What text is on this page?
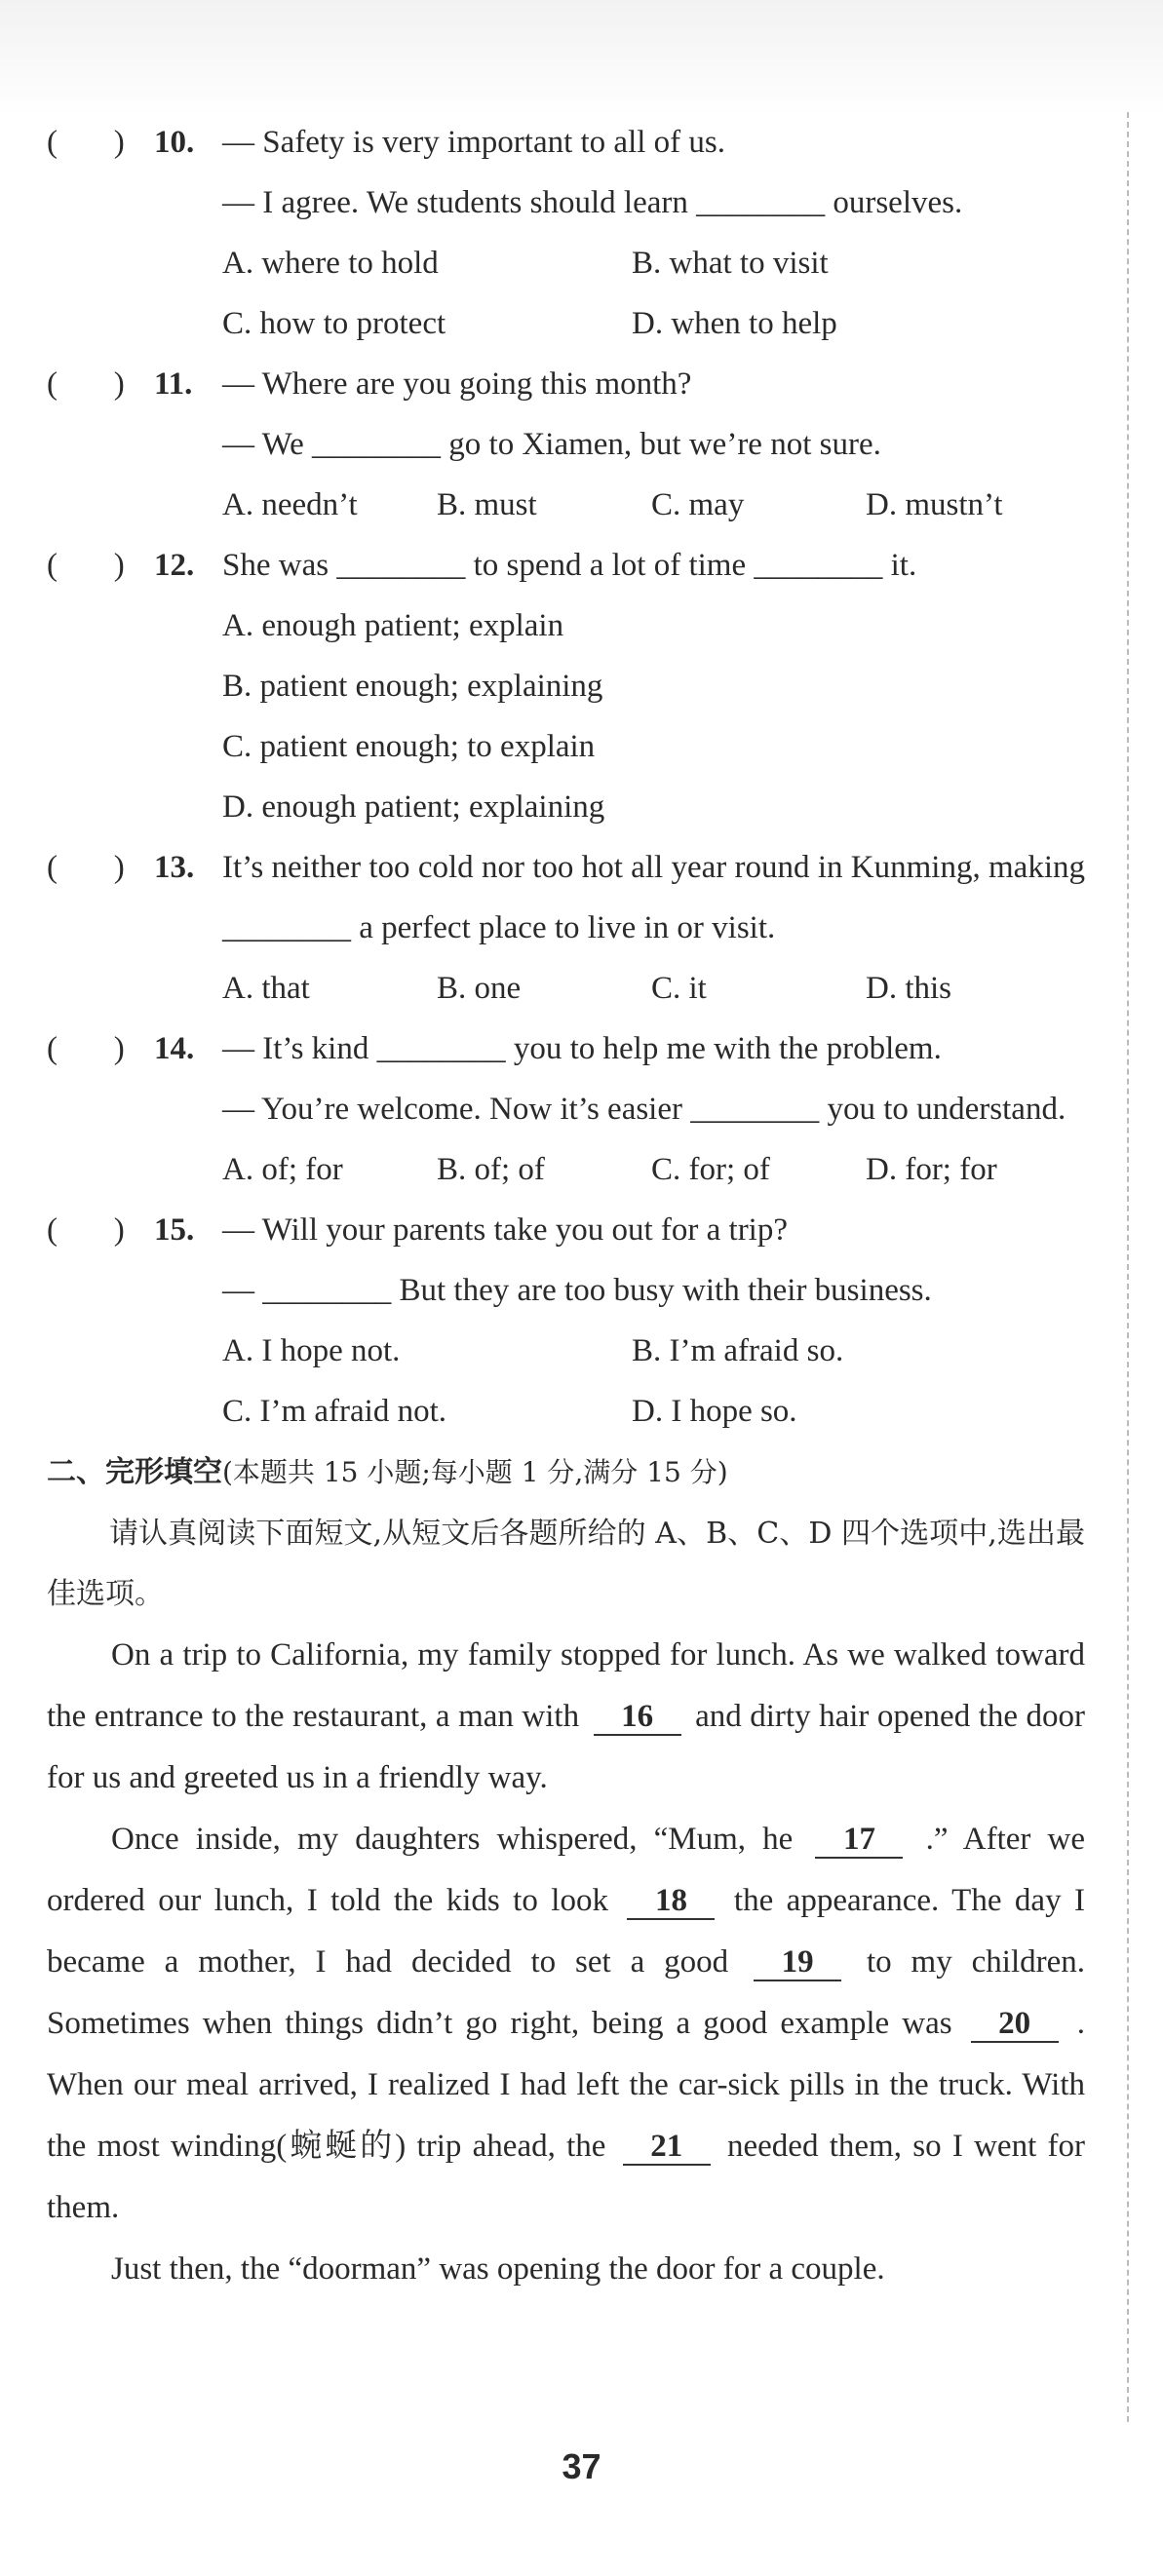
(       ) 10. — Safety is very important to all of us.
— I agree. We students should learn ________ ourselves.
A. where to hold	B. what to visit
C. how to protect	D. when to help
(       ) 11. — Where are you going this month?
— We ________ go to Xiamen, but we’re not sure.
A. needn’t	B. must	C. may	D. mustn’t
(       ) 12. She was ________ to spend a lot of time ________ it.
A. enough patient; explain
B. patient enough; explaining
C. patient enough; to explain
D. enough patient; explaining
(       ) 13. It’s neither too cold nor too hot all year round in Kunming, making ________ a perfect place to live in or visit.
A. that	B. one	C. it	D. this
(       ) 14. — It’s kind ________ you to help me with the problem.
— You’re welcome. Now it’s easier ________ you to understand.
A. of; for	B. of; of	C. for; of	D. for; for
(       ) 15. — Will your parents take you out for a trip?
— ________ But they are too busy with their business.
A. I hope not.	B. I’m afraid so.
C. I’m afraid not.	D. I hope so.
二、完形填空(本题共 15 小题;每小题 1 分,满分 15 分)
请认真阅读下面短文,从短文后各题所给的 A、B、C、D 四个选项中,选出最佳选项。
On a trip to California, my family stopped for lunch. As we walked toward the entrance to the restaurant, a man with 16 and dirty hair opened the door for us and greeted us in a friendly way.
Once inside, my daughters whispered, “Mum, he 17 .” After we ordered our lunch, I told the kids to look 18 the appearance. The day I became a mother, I had decided to set a good 19 to my children. Sometimes when things didn’t go right, being a good example was 20 . When our meal arrived, I realized I had left the car-sick pills in the truck. With the most winding(蜿蜒的) trip ahead, the 21 needed them, so I went for them.
Just then, the “doorman” was opening the door for a couple.
37
